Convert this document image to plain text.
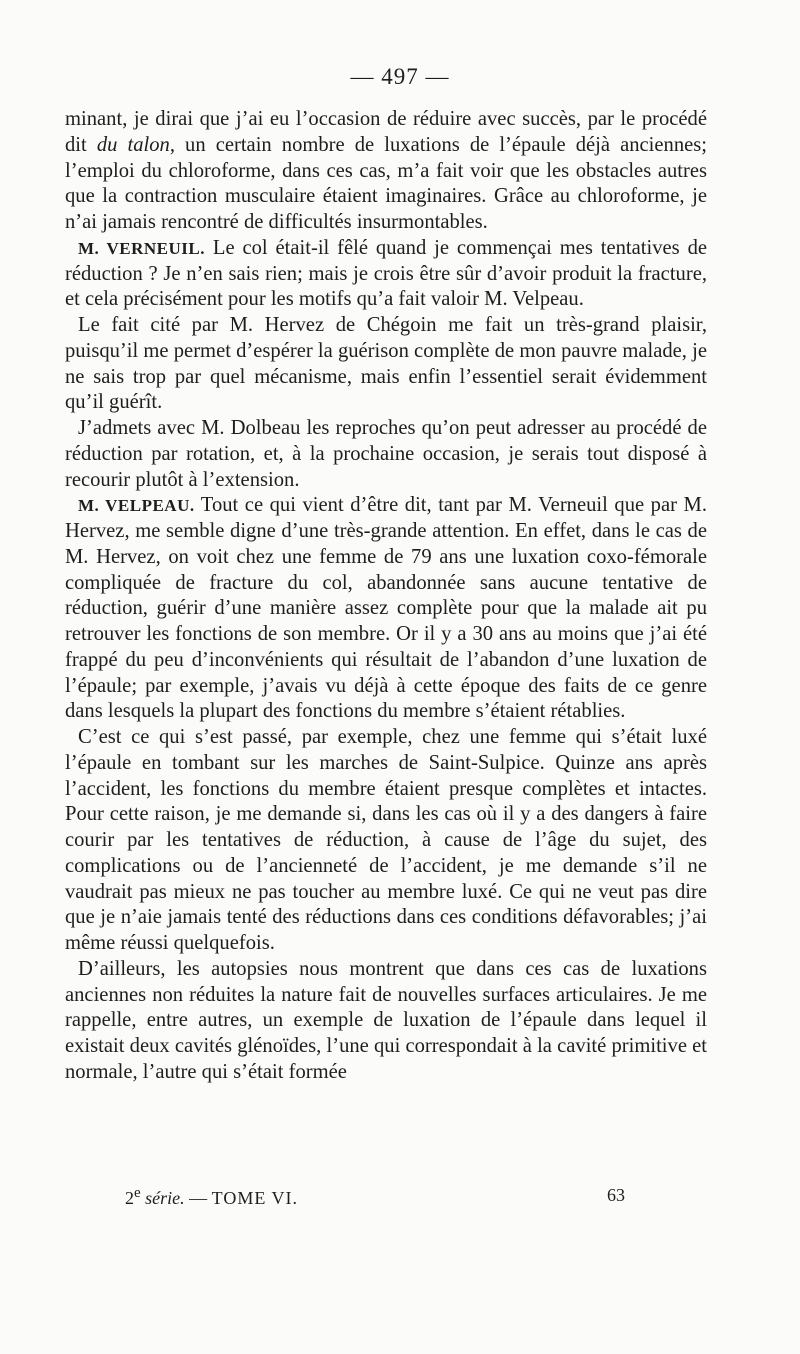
— 497 —

minant, je dirai que j’ai eu l’occasion de réduire avec succès, par le procédé dit du talon, un certain nombre de luxations de l’épaule déjà anciennes; l’emploi du chloroforme, dans ces cas, m’a fait voir que les obstacles autres que la contraction musculaire étaient imaginaires. Grâce au chloroforme, je n’ai jamais rencontré de difficultés insurmontables.

M. VERNEUIL. Le col était-il fêlé quand je commençai mes tentatives de réduction ? Je n’en sais rien; mais je crois être sûr d’avoir produit la fracture, et cela précisément pour les motifs qu’a fait valoir M. Velpeau.

Le fait cité par M. Hervez de Chégoin me fait un très-grand plaisir, puisqu’il me permet d’espérer la guérison complète de mon pauvre malade, je ne sais trop par quel mécanisme, mais enfin l’essentiel serait évidemment qu’il guérît.

J’admets avec M. Dolbeau les reproches qu’on peut adresser au procédé de réduction par rotation, et, à la prochaine occasion, je serais tout disposé à recourir plutôt à l’extension.

M. VELPEAU. Tout ce qui vient d’être dit, tant par M. Verneuil que par M. Hervez, me semble digne d’une très-grande attention. En effet, dans le cas de M. Hervez, on voit chez une femme de 79 ans une luxation coxo-fémorale compliquée de fracture du col, abandonnée sans aucune tentative de réduction, guérir d’une manière assez complète pour que la malade ait pu retrouver les fonctions de son membre. Or il y a 30 ans au moins que j’ai été frappé du peu d’inconvénients qui résultait de l’abandon d’une luxation de l’épaule; par exemple, j’avais vu déjà à cette époque des faits de ce genre dans lesquels la plupart des fonctions du membre s’étaient rétablies.

C’est ce qui s’est passé, par exemple, chez une femme qui s’était luxé l’épaule en tombant sur les marches de Saint-Sulpice. Quinze ans après l’accident, les fonctions du membre étaient presque complètes et intactes. Pour cette raison, je me demande si, dans les cas où il y a des dangers à faire courir par les tentatives de réduction, à cause de l’âge du sujet, des complications ou de l’ancienneté de l’accident, je me demande s’il ne vaudrait pas mieux ne pas toucher au membre luxé. Ce qui ne veut pas dire que je n’aie jamais tenté des réductions dans ces conditions défavorables; j’ai même réussi quelquefois.

D’ailleurs, les autopsies nous montrent que dans ces cas de luxations anciennes non réduites la nature fait de nouvelles surfaces articulaires. Je me rappelle, entre autres, un exemple de luxation de l’épaule dans lequel il existait deux cavités glénoïdes, l’une qui correspondait à la cavité primitive et normale, l’autre qui s’était formée

2e série. — TOME VI.	63
